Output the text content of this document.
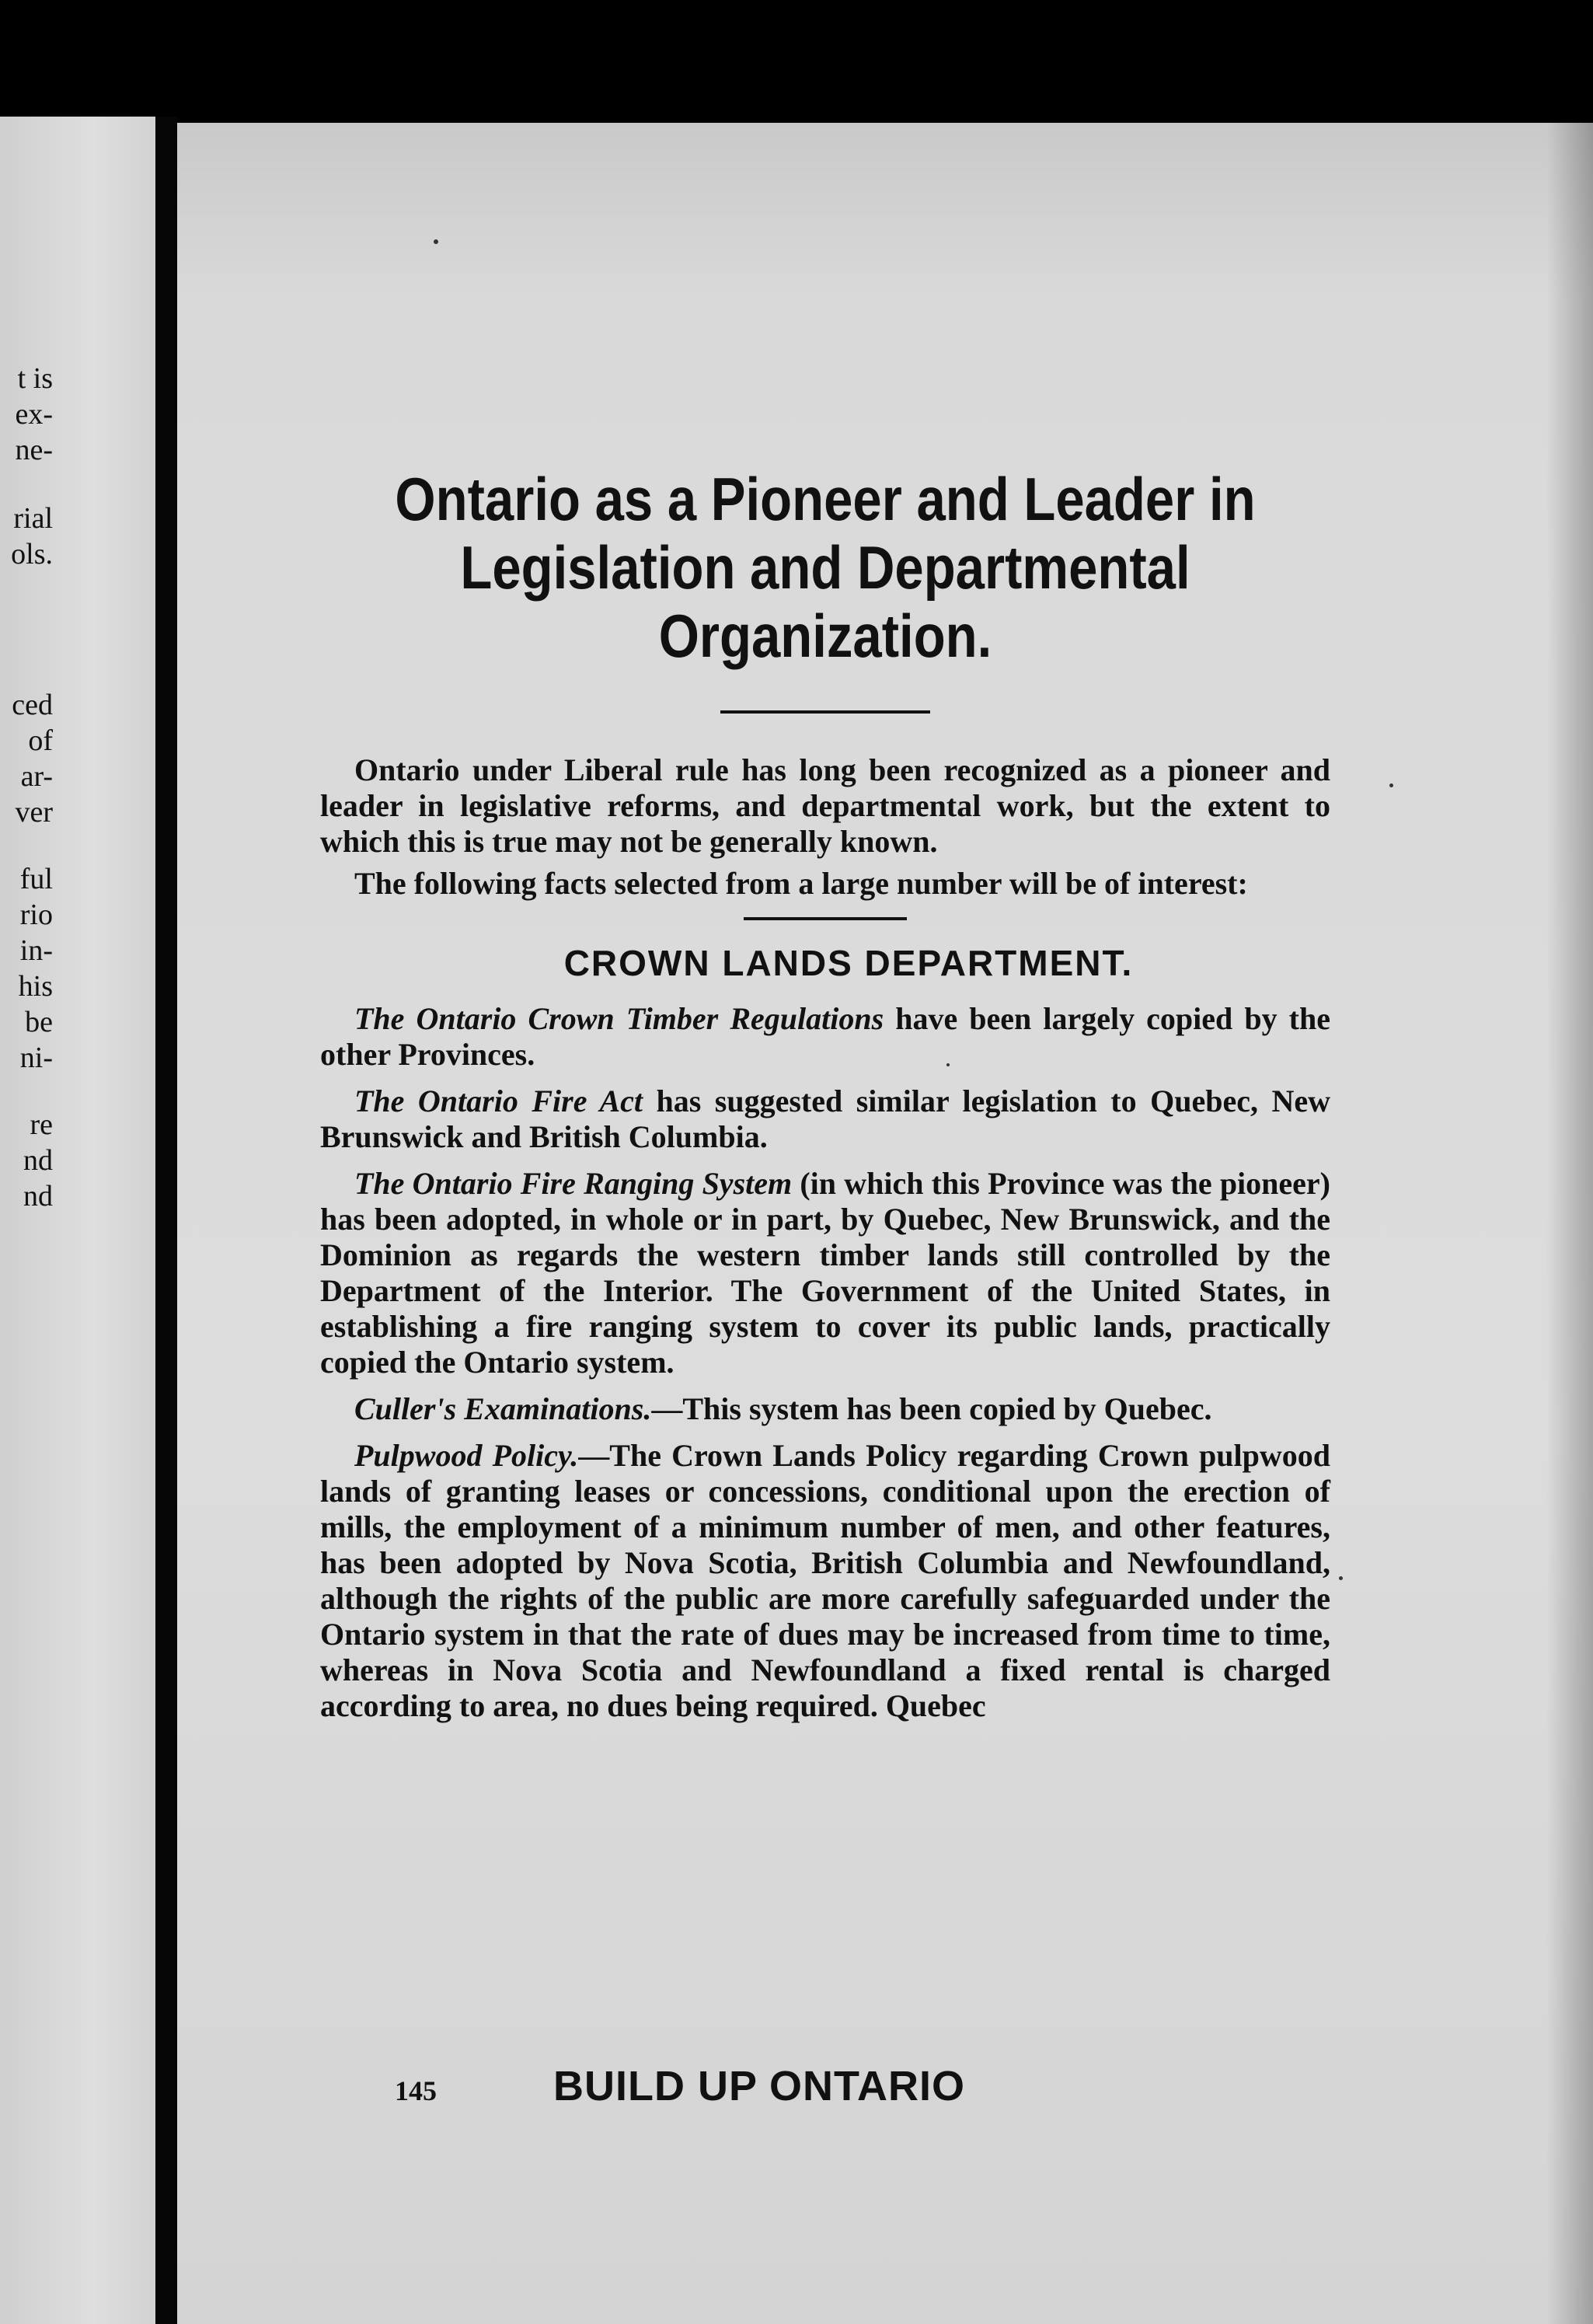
t is
ex-
ne-
rial
ols.
ced
of
ar-
ver
ful
rio
in-
his
be
ni-
re
nd
nd
Ontario as a Pioneer and Leader in Legislation and Departmental Organization.

Ontario under Liberal rule has long been recognized as a pioneer and leader in legislative reforms, and departmental work, but the extent to which this is true may not be generally known.

The following facts selected from a large number will be of interest:

CROWN LANDS DEPARTMENT.

The Ontario Crown Timber Regulations have been largely copied by the other Provinces.

The Ontario Fire Act has suggested similar legislation to Quebec, New Brunswick and British Columbia.

The Ontario Fire Ranging System (in which this Province was the pioneer) has been adopted, in whole or in part, by Quebec, New Brunswick, and the Dominion as regards the western timber lands still controlled by the Department of the Interior. The Government of the United States, in establishing a fire ranging system to cover its public lands, practically copied the Ontario system.

Culler's Examinations.—This system has been copied by Quebec.

Pulpwood Policy.—The Crown Lands Policy regarding Crown pulpwood lands of granting leases or concessions, conditional upon the erection of mills, the employment of a minimum number of men, and other features, has been adopted by Nova Scotia, British Columbia and Newfoundland, although the rights of the public are more carefully safeguarded under the Ontario system in that the rate of dues may be increased from time to time, whereas in Nova Scotia and Newfoundland a fixed rental is charged according to area, no dues being required. Quebec

145	BUILD UP ONTARIO
